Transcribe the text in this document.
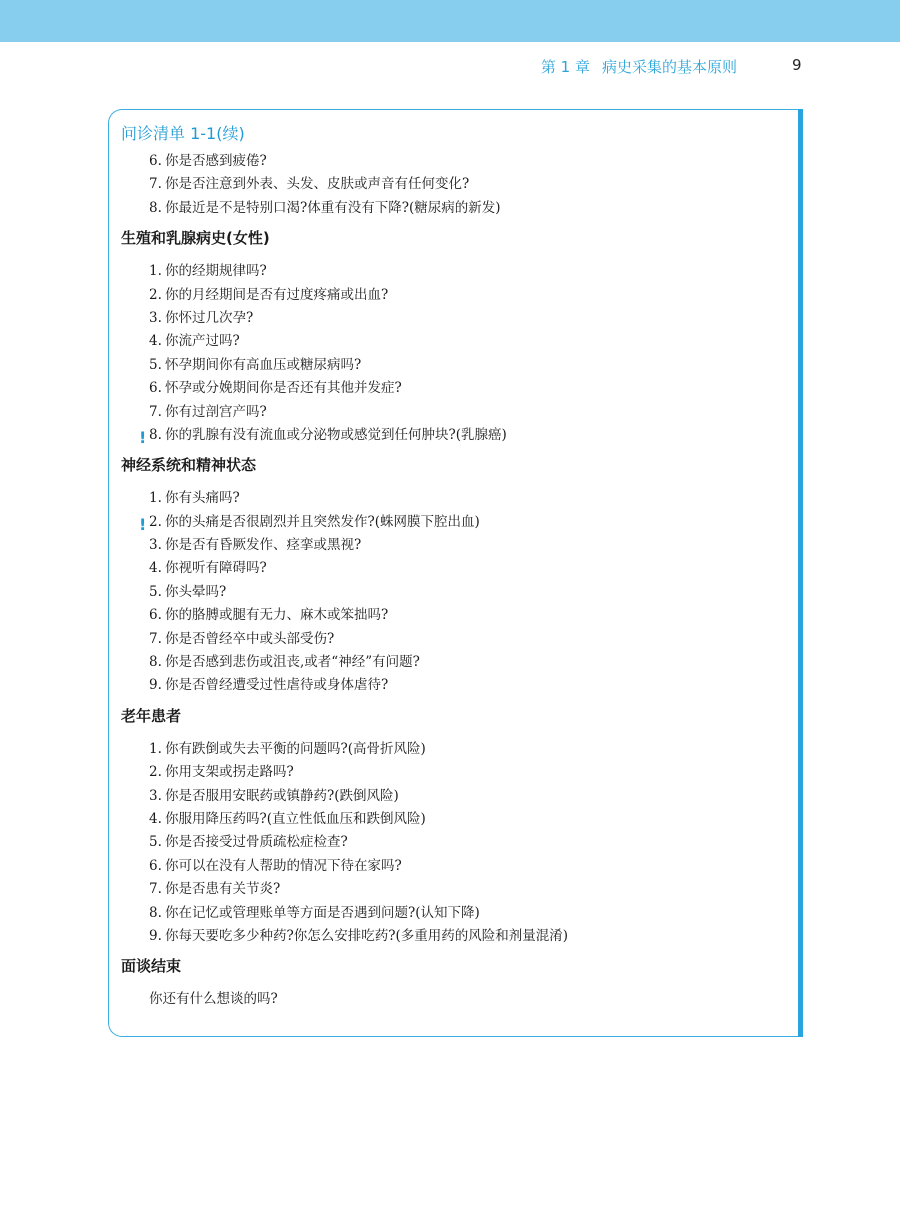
第 1 章 病史采集的基本原则	9
问诊清单 1-1(续)
6. 你是否感到疲倦?
7. 你是否注意到外表、头发、皮肤或声音有任何变化?
8. 你最近是不是特别口渴?体重有没有下降?(糖尿病的新发)
生殖和乳腺病史(女性)
1. 你的经期规律吗?
2. 你的月经期间是否有过度疼痛或出血?
3. 你怀过几次孕?
4. 你流产过吗?
5. 怀孕期间你有高血压或糖尿病吗?
6. 怀孕或分娩期间你是否还有其他并发症?
7. 你有过剖宫产吗?
! 8. 你的乳腺有没有流血或分泌物或感觉到任何肿块?(乳腺癌)
神经系统和精神状态
1. 你有头痛吗?
! 2. 你的头痛是否很剧烈并且突然发作?(蛛网膜下腔出血)
3. 你是否有昏厥发作、痉挛或黑视?
4. 你视听有障碍吗?
5. 你头晕吗?
6. 你的胳膊或腿有无力、麻木或笨拙吗?
7. 你是否曾经卒中或头部受伤?
8. 你是否感到悲伤或沮丧,或者“神经”有问题?
9. 你是否曾经遭受过性虐待或身体虐待?
老年患者
1. 你有跌倒或失去平衡的问题吗?(高骨折风险)
2. 你用支架或拐走路吗?
3. 你是否服用安眠药或镇静药?(跌倒风险)
4. 你服用降压药吗?(直立性低血压和跌倒风险)
5. 你是否接受过骨质疏松症检查?
6. 你可以在没有人帮助的情况下待在家吗?
7. 你是否患有关节炎?
8. 你在记忆或管理账单等方面是否遇到问题?(认知下降)
9. 你每天要吃多少种药?你怎么安排吃药?(多重用药的风险和剂量混淆)
面谈结束
你还有什么想谈的吗?
